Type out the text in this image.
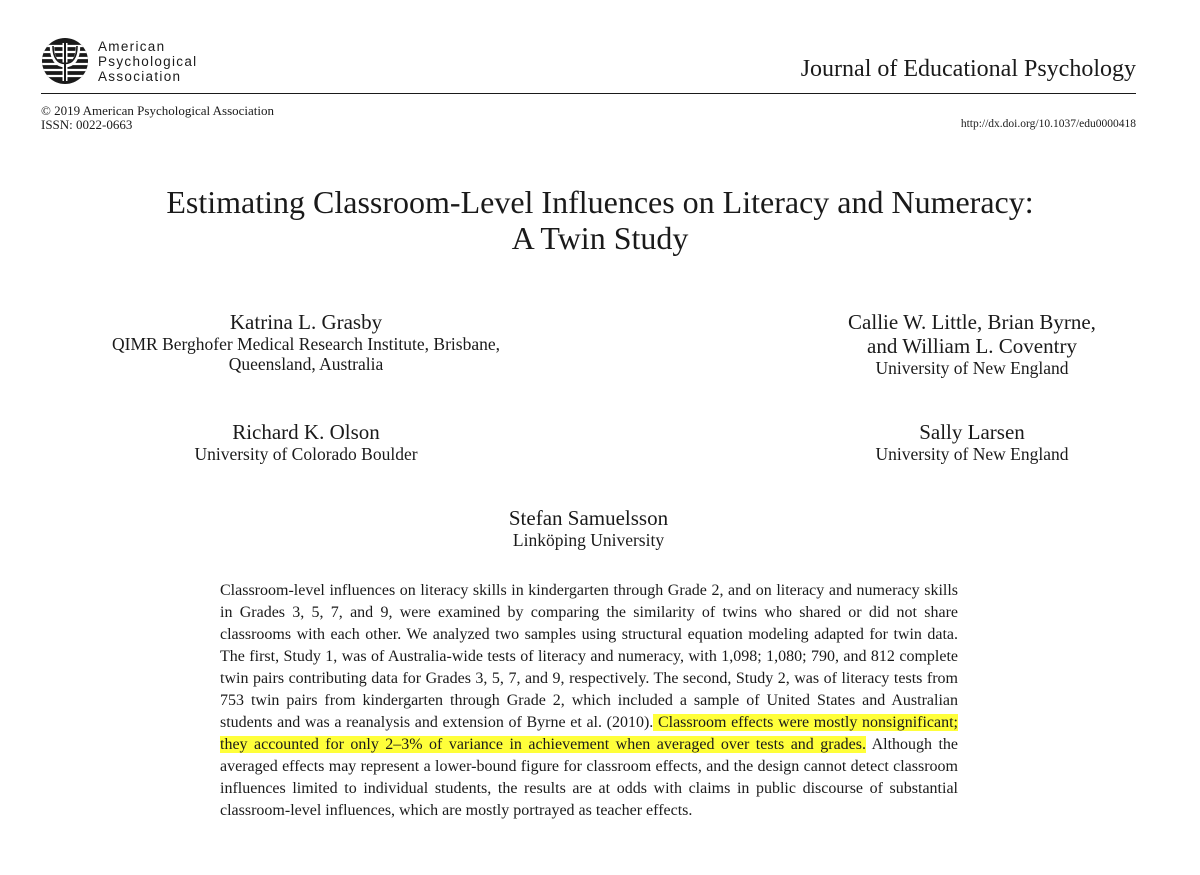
American
Psychological
Association	Journal of Educational Psychology
© 2019 American Psychological Association
ISSN: 0022-0663	http://dx.doi.org/10.1037/edu0000418
Estimating Classroom-Level Influences on Literacy and Numeracy:
A Twin Study
Katrina L. Grasby
QIMR Berghofer Medical Research Institute, Brisbane,
Queensland, Australia
Callie W. Little, Brian Byrne,
and William L. Coventry
University of New England
Richard K. Olson
University of Colorado Boulder
Sally Larsen
University of New England
Stefan Samuelsson
Linköping University
Classroom-level influences on literacy skills in kindergarten through Grade 2, and on literacy and numeracy skills in Grades 3, 5, 7, and 9, were examined by comparing the similarity of twins who shared or did not share classrooms with each other. We analyzed two samples using structural equation modeling adapted for twin data. The first, Study 1, was of Australia-wide tests of literacy and numeracy, with 1,098; 1,080; 790, and 812 complete twin pairs contributing data for Grades 3, 5, 7, and 9, respectively. The second, Study 2, was of literacy tests from 753 twin pairs from kindergarten through Grade 2, which included a sample of United States and Australian students and was a reanalysis and extension of Byrne et al. (2010). Classroom effects were mostly nonsignificant; they accounted for only 2–3% of variance in achievement when averaged over tests and grades. Although the averaged effects may represent a lower-bound figure for classroom effects, and the design cannot detect classroom influences limited to individual students, the results are at odds with claims in public discourse of substantial classroom-level influences, which are mostly portrayed as teacher effects.
